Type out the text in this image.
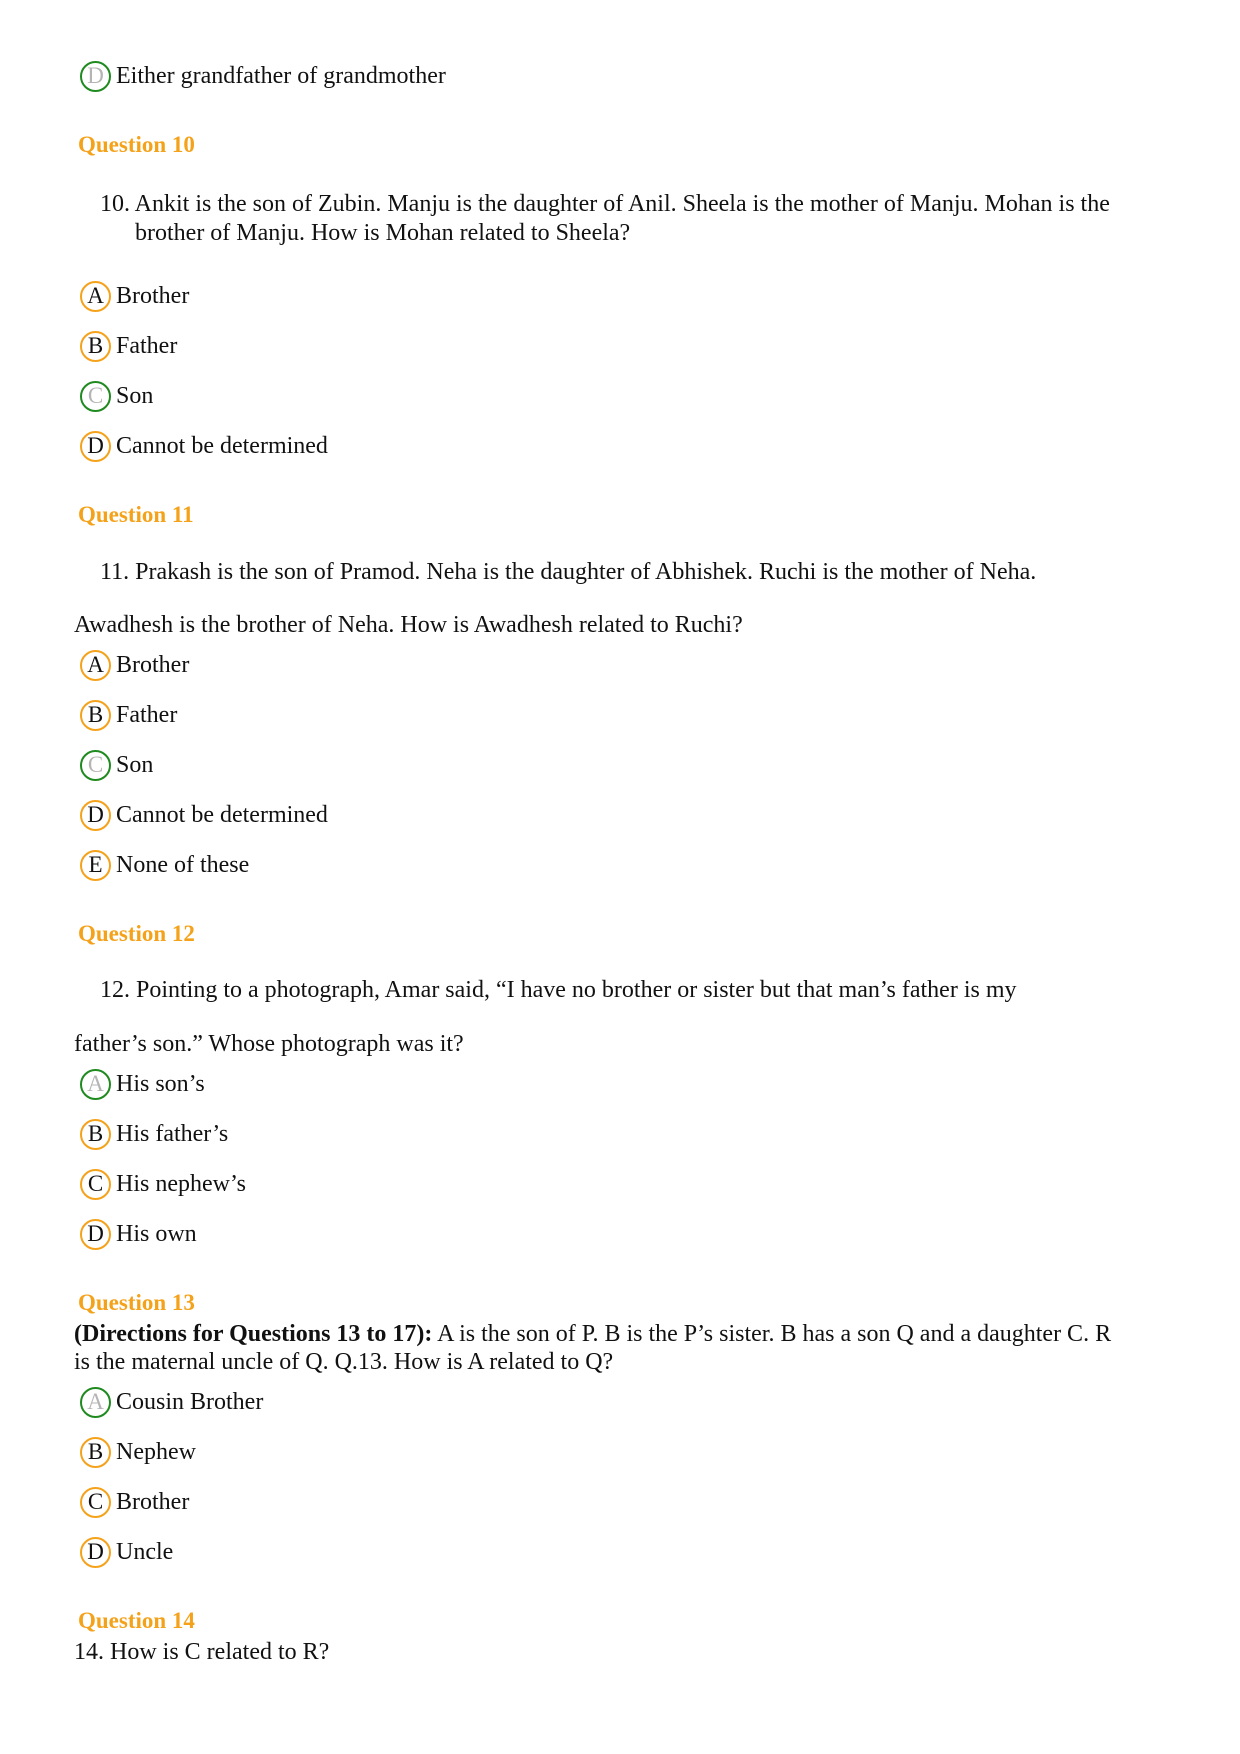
D Either grandfather of grandmother
Question 10
10. Ankit is the son of Zubin. Manju is the daughter of Anil. Sheela is the mother of Manju. Mohan is the
brother of Manju. How is Mohan related to Sheela?
A Brother
B Father
C Son
D Cannot be determined
Question 11
11. Prakash is the son of Pramod. Neha is the daughter of Abhishek. Ruchi is the mother of Neha.
Awadhesh is the brother of Neha. How is Awadhesh related to Ruchi?
A Brother
B Father
C Son
D Cannot be determined
E None of these
Question 12
12. Pointing to a photograph, Amar said, “I have no brother or sister but that man’s father is my
father’s son.” Whose photograph was it?
A His son’s
B His father’s
C His nephew’s
D His own
Question 13
(Directions for Questions 13 to 17): A is the son of P. B is the P’s sister. B has a son Q and a daughter C. R
is the maternal uncle of Q. Q.13. How is A related to Q?
A Cousin Brother
B Nephew
C Brother
D Uncle
Question 14
14. How is C related to R?
